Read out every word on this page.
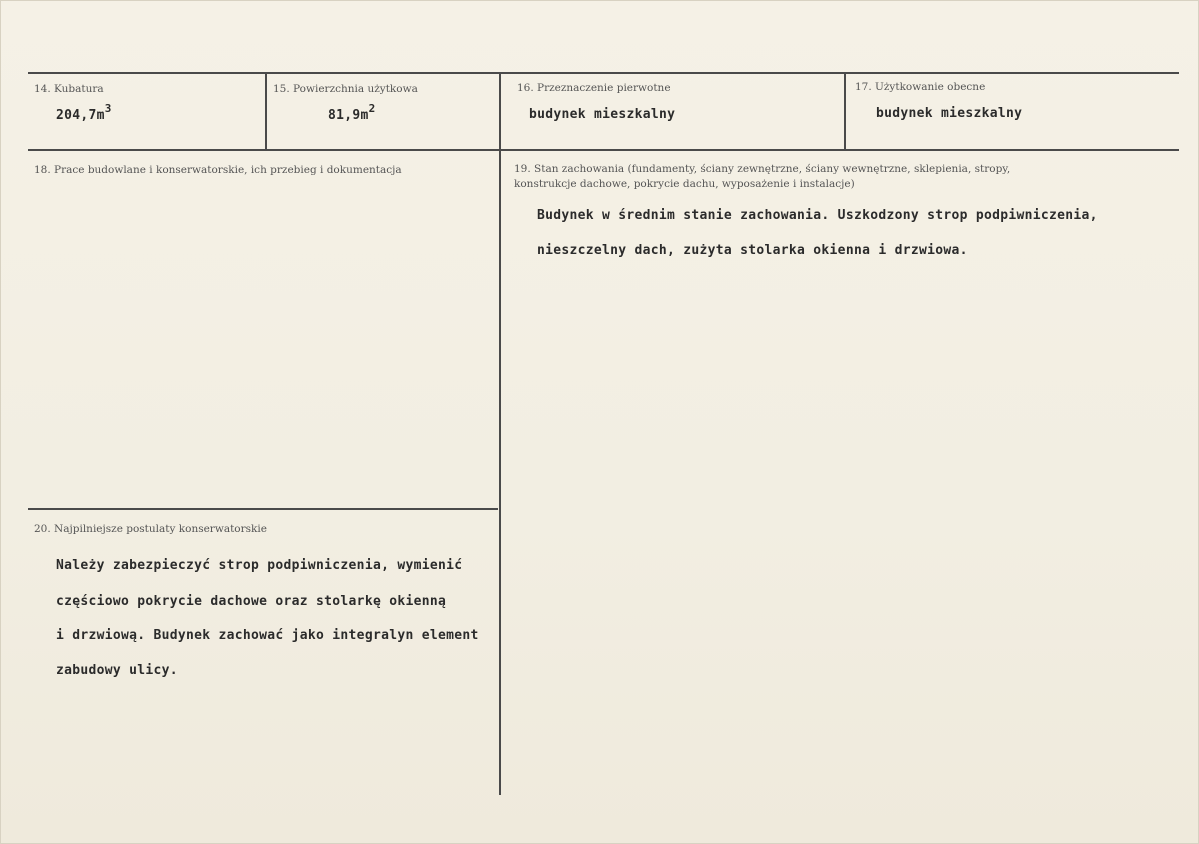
14. Kubatura
$204,7m^3$
15. Powierzchnia użytkowa
$81,9m^2$
16. Przeznaczenie pierwotne
budynek mieszkalny
17. Użytkowanie obecne
budynek mieszkalny
18. Prace budowlane i konserwatorskie, ich przebieg i dokumentacja	19. Stan zachowania (fundamenty, ściany zewnętrzne, ściany wewnętrzne, sklepienia, stropy,
konstrukcje dachowe, pokrycie dachu, wyposażenie i instalacje)
Budynek w średnim stanie zachowania. Uszkodzony strop podpiwniczenia,
nieszczelny dach, zużyta stolarka okienna i drzwiowa.
20. Najpilniejsze postulaty konserwatorskie
Należy zabezpieczyć strop podpiwniczenia, wymienić
częściowo pokrycie dachowe oraz stolarkę okienną
i drzwiową. Budynek zachować jako integralyn element
zabudowy ulicy.
